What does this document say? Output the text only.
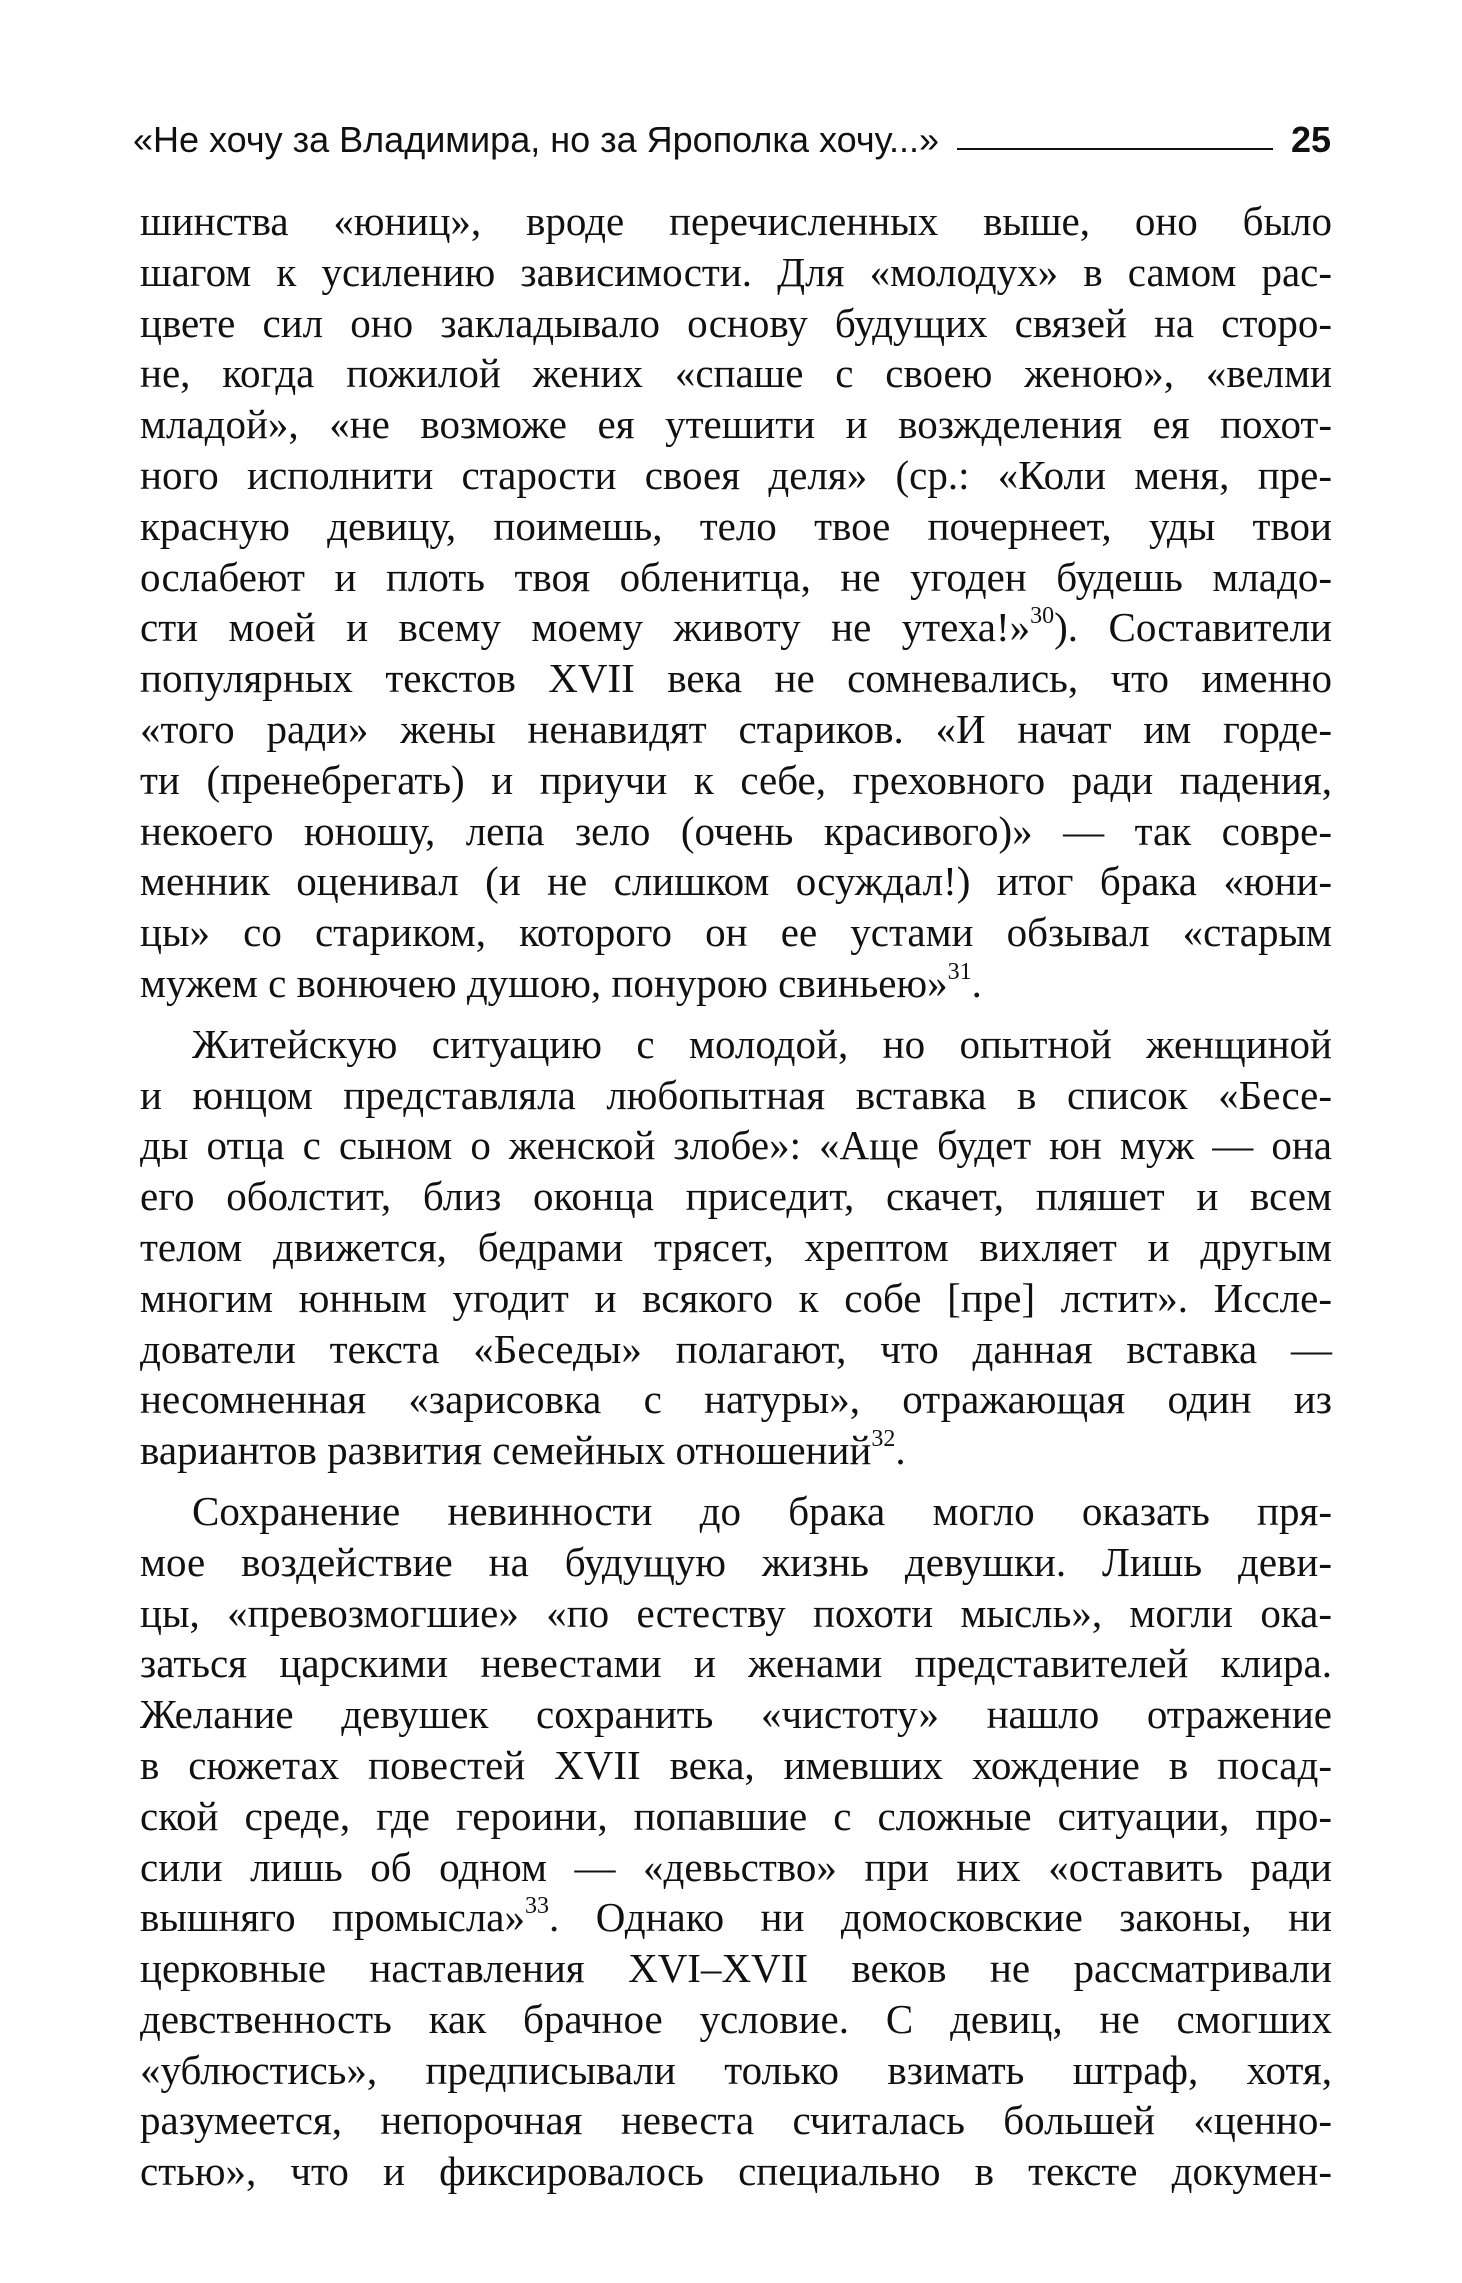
«Не хочу за Владимира, но за Ярополка хочу...»	25
шинства «юниц», вроде перечисленных выше, оно было
шагом к усилению зависимости. Для «молодух» в самом рас-
цвете сил оно закладывало основу будущих связей на сторо-
не, когда пожилой жених «спаше с своею женою», «велми
младой», «не возможе ея утешити и возжделения ея похот-
ного исполнити старости своея деля» (ср.: «Коли меня, пре-
красную девицу, поимешь, тело твое почернеет, уды твои
ослабеют и плоть твоя обленитца, не угоден будешь младо-
сти моей и всему моему животу не утеха!»$^{30}$). Составители
популярных текстов XVII века не сомневались, что именно
«того ради» жены ненавидят стариков. «И начат им горде-
ти (пренебрегать) и приучи к себе, греховного ради падения,
некоего юношу, лепа зело (очень красивого)» — так совре-
менник оценивал (и не слишком осуждал!) итог брака «юни-
цы» со стариком, которого он ее устами обзывал «старым
мужем с вонючею душою, понурою свиньею»$^{31}$.
Житейскую ситуацию с молодой, но опытной женщиной
и юнцом представляла любопытная вставка в список «Бесе-
ды отца с сыном о женской злобе»: «Аще будет юн муж — она
его оболстит, близ оконца приседит, скачет, пляшет и всем
телом движется, бедрами трясет, хрептом вихляет и другым
многим юнным угодит и всякого к собе [пре] лстит». Иссле-
дователи текста «Беседы» полагают, что данная вставка —
несомненная «зарисовка с натуры», отражающая один из
вариантов развития семейных отношений$^{32}$.
Сохранение невинности до брака могло оказать пря-
мое воздействие на будущую жизнь девушки. Лишь деви-
цы, «превозмогшие» «по естеству похоти мысль», могли ока-
заться царскими невестами и женами представителей клира.
Желание девушек сохранить «чистоту» нашло отражение
в сюжетах повестей XVII века, имевших хождение в посад-
ской среде, где героини, попавшие с сложные ситуации, про-
сили лишь об одном — «девьство» при них «оставить ради
вышняго промысла»$^{33}$. Однако ни домосковские законы, ни
церковные наставления XVI–XVII веков не рассматривали
девственность как брачное условие. С девиц, не смогших
«ублюстись», предписывали только взимать штраф, хотя,
разумеется, непорочная невеста считалась большей «ценно-
стью», что и фиксировалось специально в тексте докумен-
